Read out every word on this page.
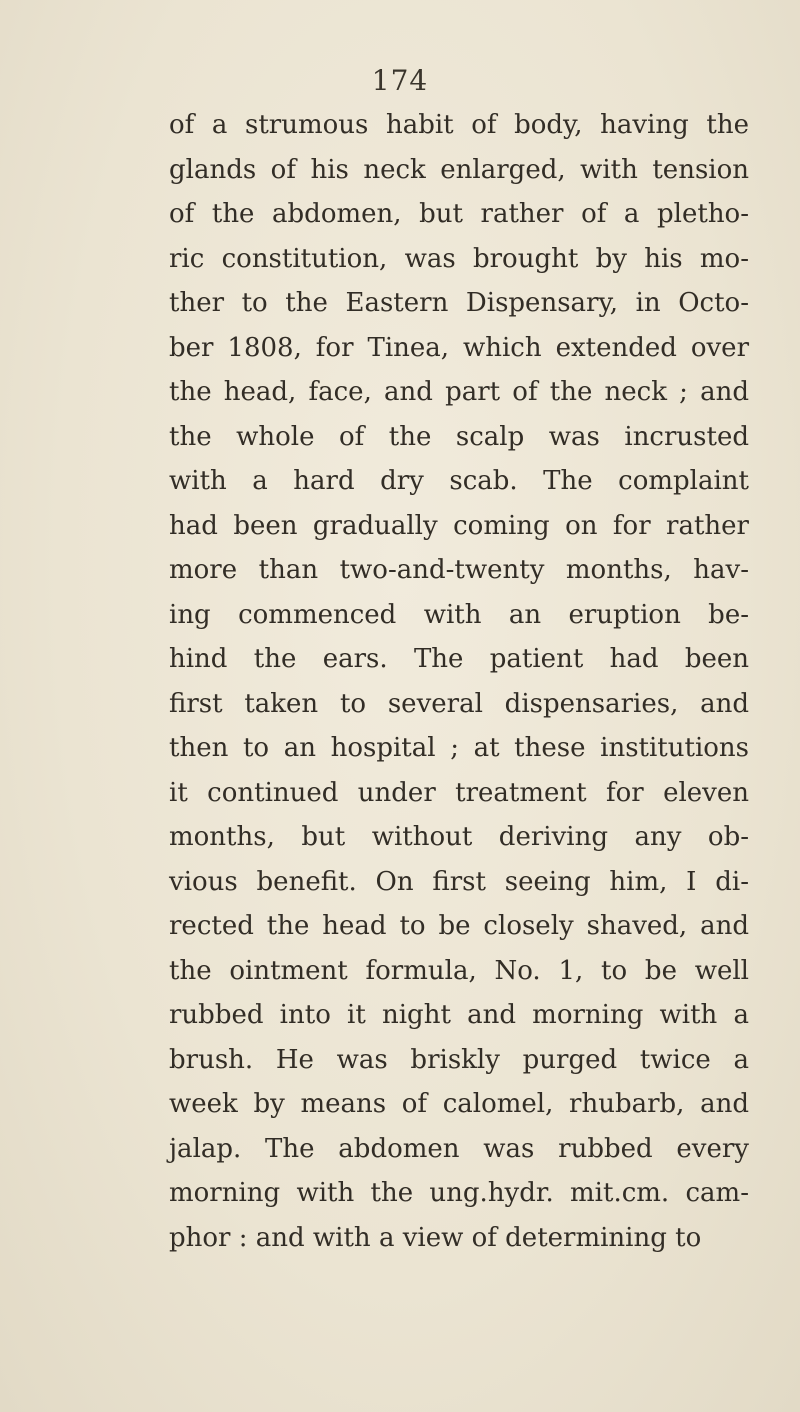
174
of a strumous habit of body, having the
glands of his neck enlarged, with tension
of the abdomen, but rather of a pletho-
ric constitution, was brought by his mo-
ther to the Eastern Dispensary, in Octo-
ber 1808, for Tinea, which extended over
the head, face, and part of the neck ; and
the whole of the scalp was incrusted
with a hard dry scab. The complaint
had been gradually coming on for rather
more than two-and-twenty months, hav-
ing commenced with an eruption be-
hind the ears. The patient had been
first taken to several dispensaries, and
then to an hospital ; at these institutions
it continued under treatment for eleven
months, but without deriving any ob-
vious benefit. On first seeing him, I di-
rected the head to be closely shaved, and
the ointment formula, No. 1, to be well
rubbed into it night and morning with a
brush. He was briskly purged twice a
week by means of calomel, rhubarb, and
jalap. The abdomen was rubbed every
morning with the ung.hydr. mit.cm. cam-
phor : and with a view of determining to
